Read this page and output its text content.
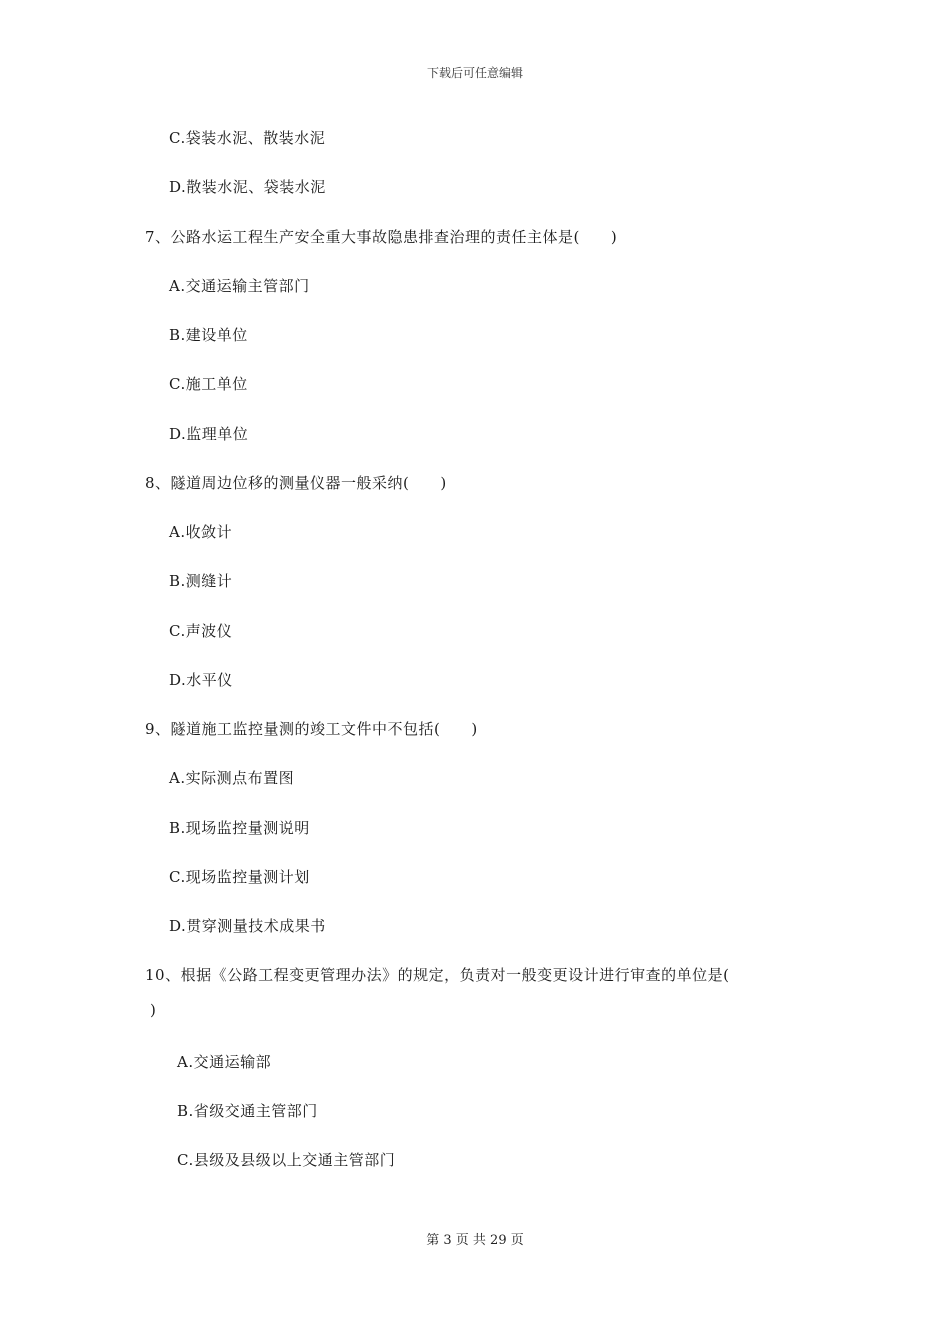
下载后可任意编辑
C.袋装水泥、散装水泥
D.散装水泥、袋装水泥
7、公路水运工程生产安全重大事故隐患排查治理的责任主体是(　　)
A.交通运输主管部门
B.建设单位
C.施工单位
D.监理单位
8、隧道周边位移的测量仪器一般采纳(　　)
A.收敛计
B.测缝计
C.声波仪
D.水平仪
9、隧道施工监控量测的竣工文件中不包括(　　)
A.实际测点布置图
B.现场监控量测说明
C.现场监控量测计划
D.贯穿测量技术成果书
10、根据《公路工程变更管理办法》的规定，负责对一般变更设计进行审查的单位是(
)
A.交通运输部
B.省级交通主管部门
C.县级及县级以上交通主管部门
第 3 页 共 29 页
